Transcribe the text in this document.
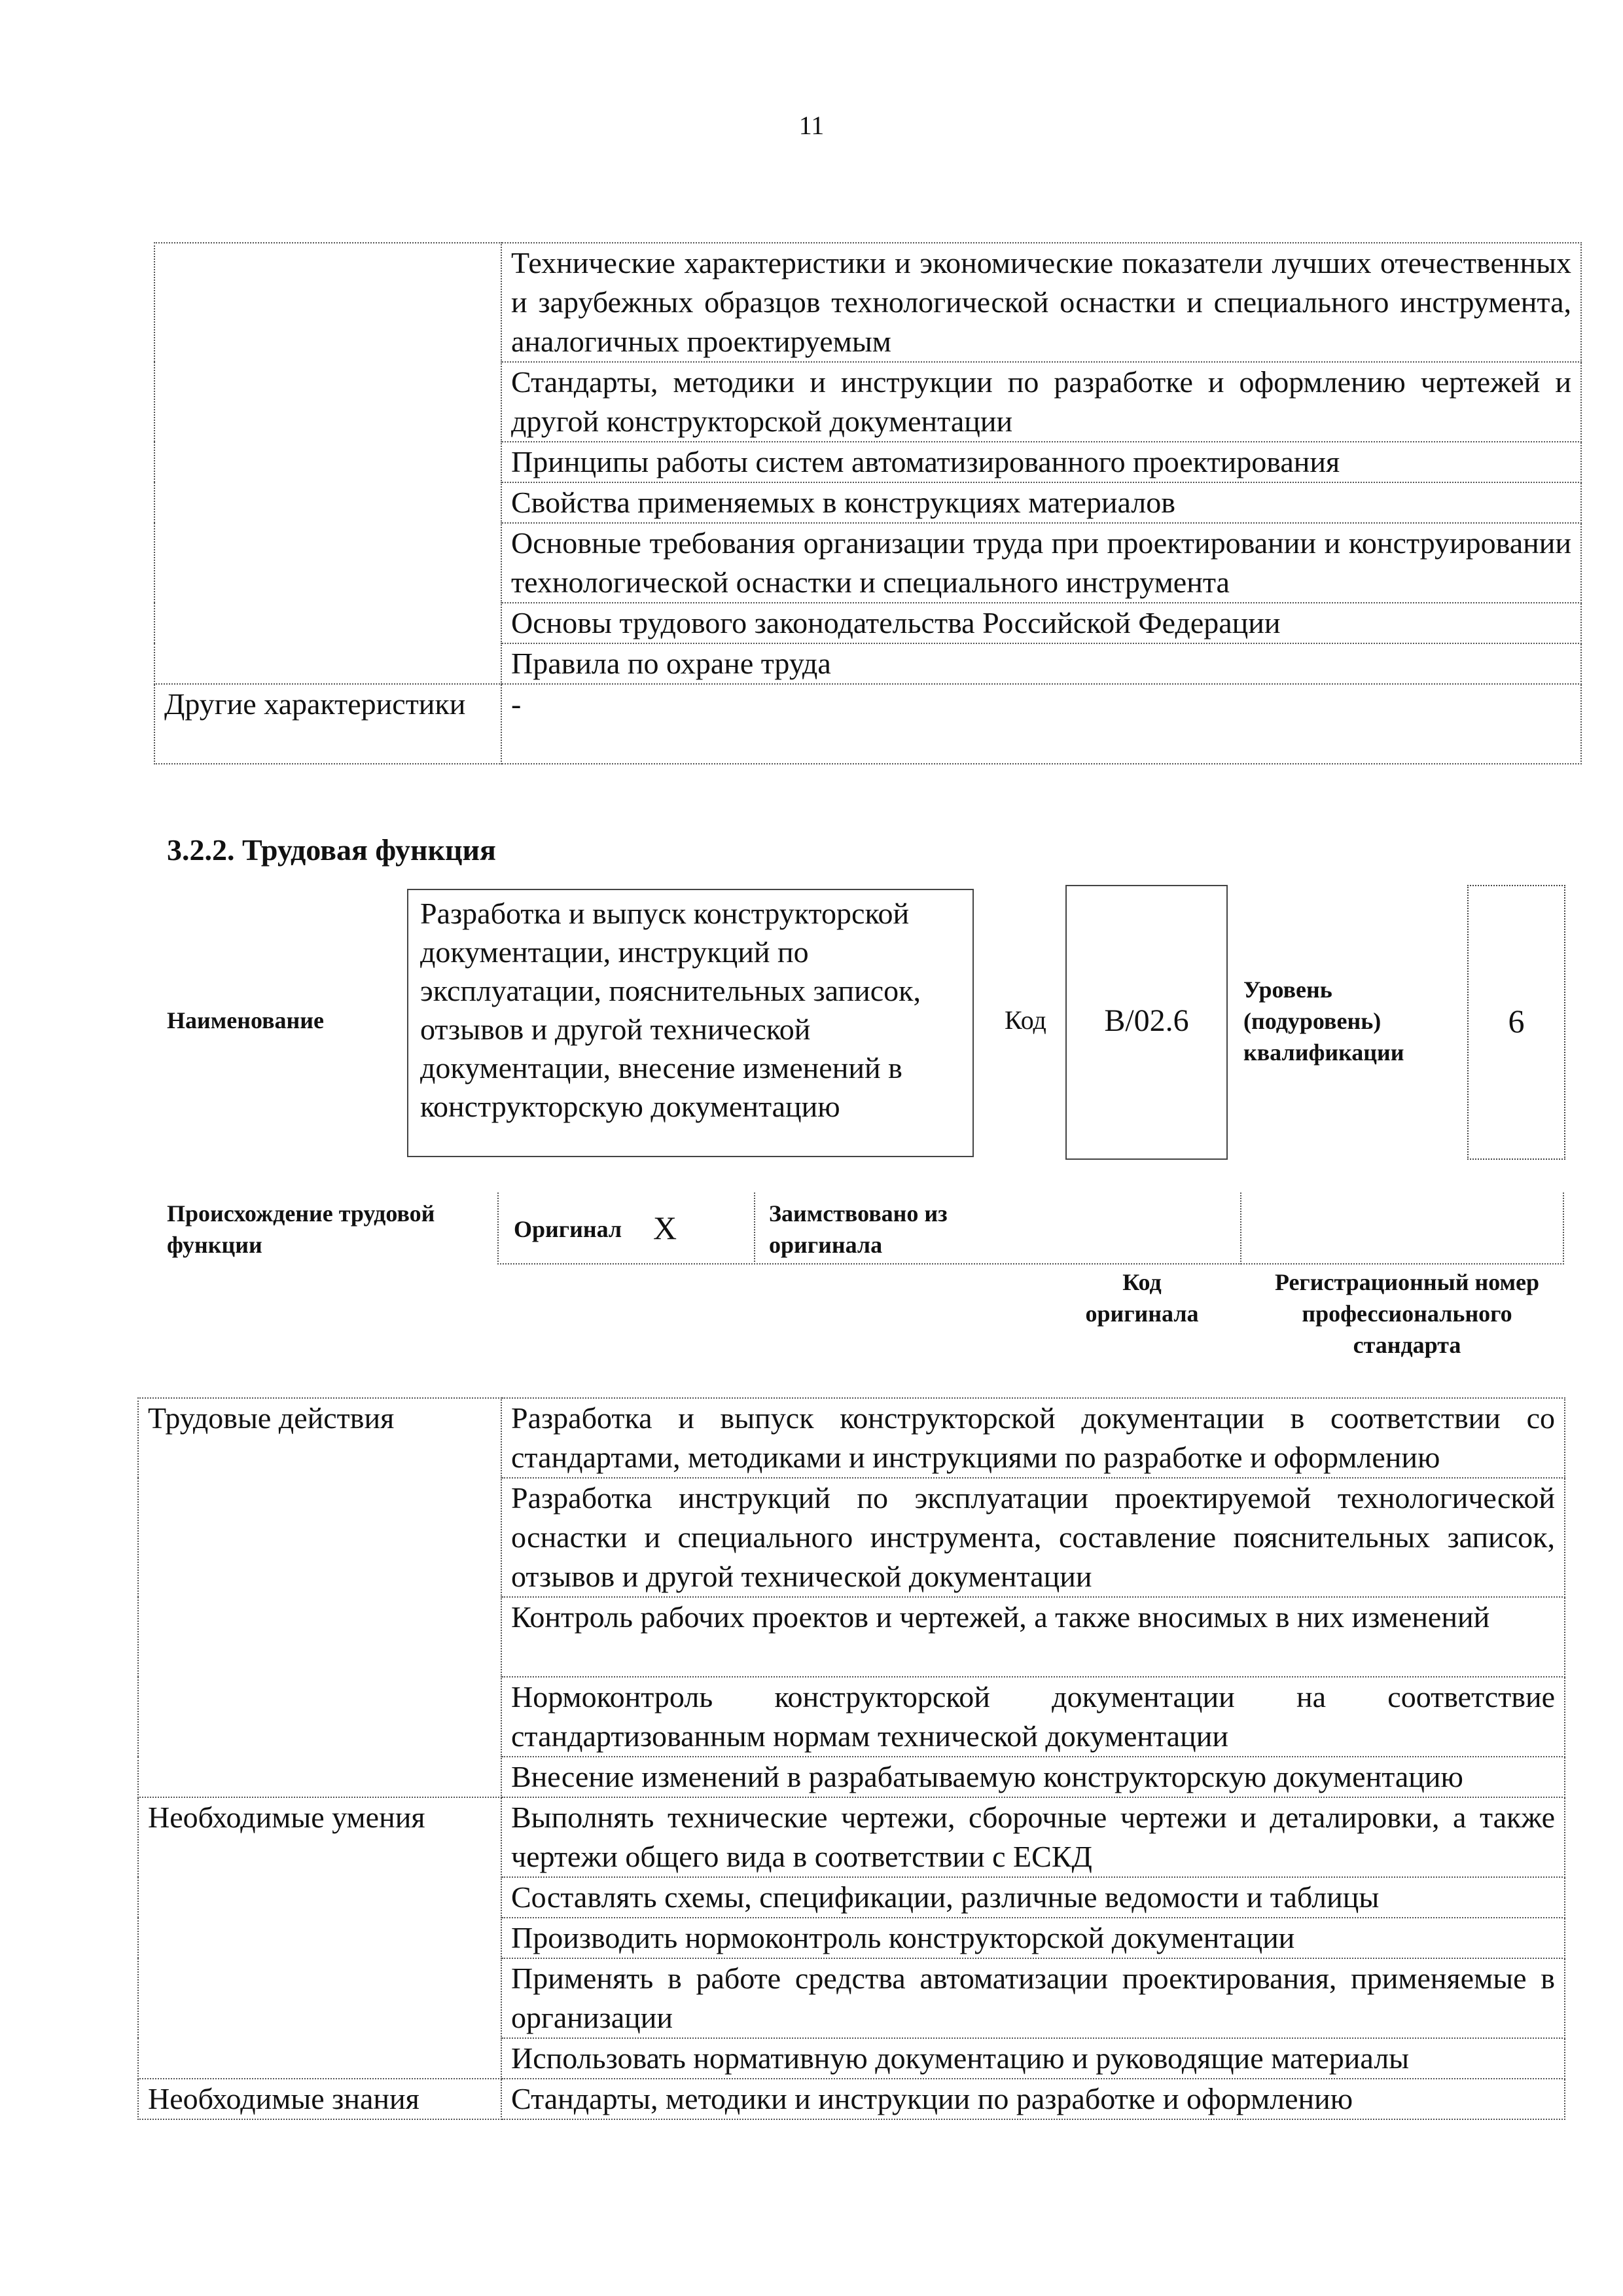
11
	Технические характеристики и экономические показатели лучших отечественных и зарубежных образцов технологической оснастки и специального инструмента, аналогичных проектируемым
	Стандарты, методики и инструкции по разработке и оформлению чертежей и другой конструкторской документации
	Принципы работы систем автоматизированного проектирования
	Свойства применяемых в конструкциях материалов
	Основные требования организации труда при проектировании и конструировании технологической оснастки и специального инструмента
	Основы трудового законодательства Российской Федерации
	Правила по охране труда
Другие характеристики	-
3.2.2. Трудовая функция
Наименование
Разработка и выпуск конструкторской документации, инструкций по эксплуатации, пояснительных записок, отзывов и другой технической документации, внесение изменений в конструкторскую документацию
Код	B/02.6
Уровень (подуровень) квалификации
6
Происхождение трудовой функции
Оригинал X	Заимствовано из оригинала
Код оригинала
Регистрационный номер профессионального стандарта
Трудовые действия	Разработка и выпуск конструкторской документации в соответствии со стандартами, методиками и инструкциями по разработке и оформлению
	Разработка инструкций по эксплуатации проектируемой технологической оснастки и специального инструмента, составление пояснительных записок, отзывов и другой технической документации
	Контроль рабочих проектов и чертежей, а также вносимых в них изменений
	Нормоконтроль конструкторской документации на соответствие стандартизованным нормам технической документации
	Внесение изменений в разрабатываемую конструкторскую документацию
Необходимые умения	Выполнять технические чертежи, сборочные чертежи и деталировки, а также чертежи общего вида в соответствии с ЕСКД
	Составлять схемы, спецификации, различные ведомости и таблицы
	Производить нормоконтроль конструкторской документации
	Применять в работе средства автоматизации проектирования, применяемые в организации
	Использовать нормативную документацию и руководящие материалы
Необходимые знания	Стандарты, методики и инструкции по разработке и оформлению
